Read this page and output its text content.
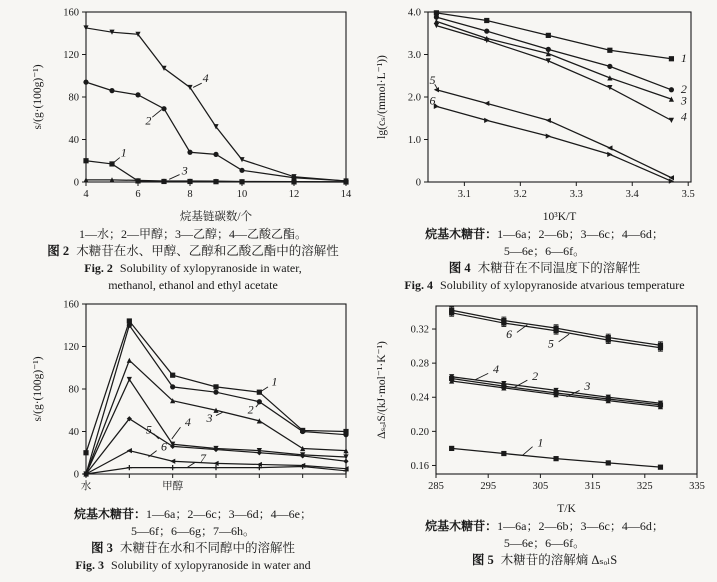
4	6	8	10	12	14
0
40
80
120
160
烷基链碳数/个
s/(g·(100g)⁻¹)
1
2
3
4

1—水；2—甲醇；3—乙醇；4—乙酸乙酯。

图 2 木糖苷在水、甲醇、乙醇和乙酸乙酯中的溶解性

Fig. 2 Solubility of xylopyranoside in water,

methanol, ethanol and ethyl acetate

3.1	3.2	3.3	3.4	3.5
0
1.0
2.0
3.0
4.0
10³K/T
lg(cₛ/(mmol·L⁻¹))	1
2
3
4
5
6

烷基木糖苷：1—6a；2—6b；3—6c；4—6d；

5—6e；6—6f。

图 4 木糖苷在不同温度下的溶解性

Fig. 4 Solubility of xylopyranoside atvarious temperature

水	甲醇
0
40
80
120
160
s/(g·(100g)⁻¹)	1
2
3
4
5
6
7

烷基木糖苷：1—6a；2—6c；3—6d；4—6e；

5—6f；6—6g；7—6h。

图 3 木糖苷在水和不同醇中的溶解性

Fig. 3 Solubility of xylopyranoside in water and

285	295	305	315	325	335
0.16
0.20
0.24
0.28
0.32
T/K
ΔₛₒₗS/(kJ·mol⁻¹·K⁻¹)
6
5
4	2
3
1

烷基木糖苷：1—6a；2—6b；3—6c；4—6d；

5—6e；6—6f。

图 5 木糖苷的溶解熵 ΔₛₒₗS
